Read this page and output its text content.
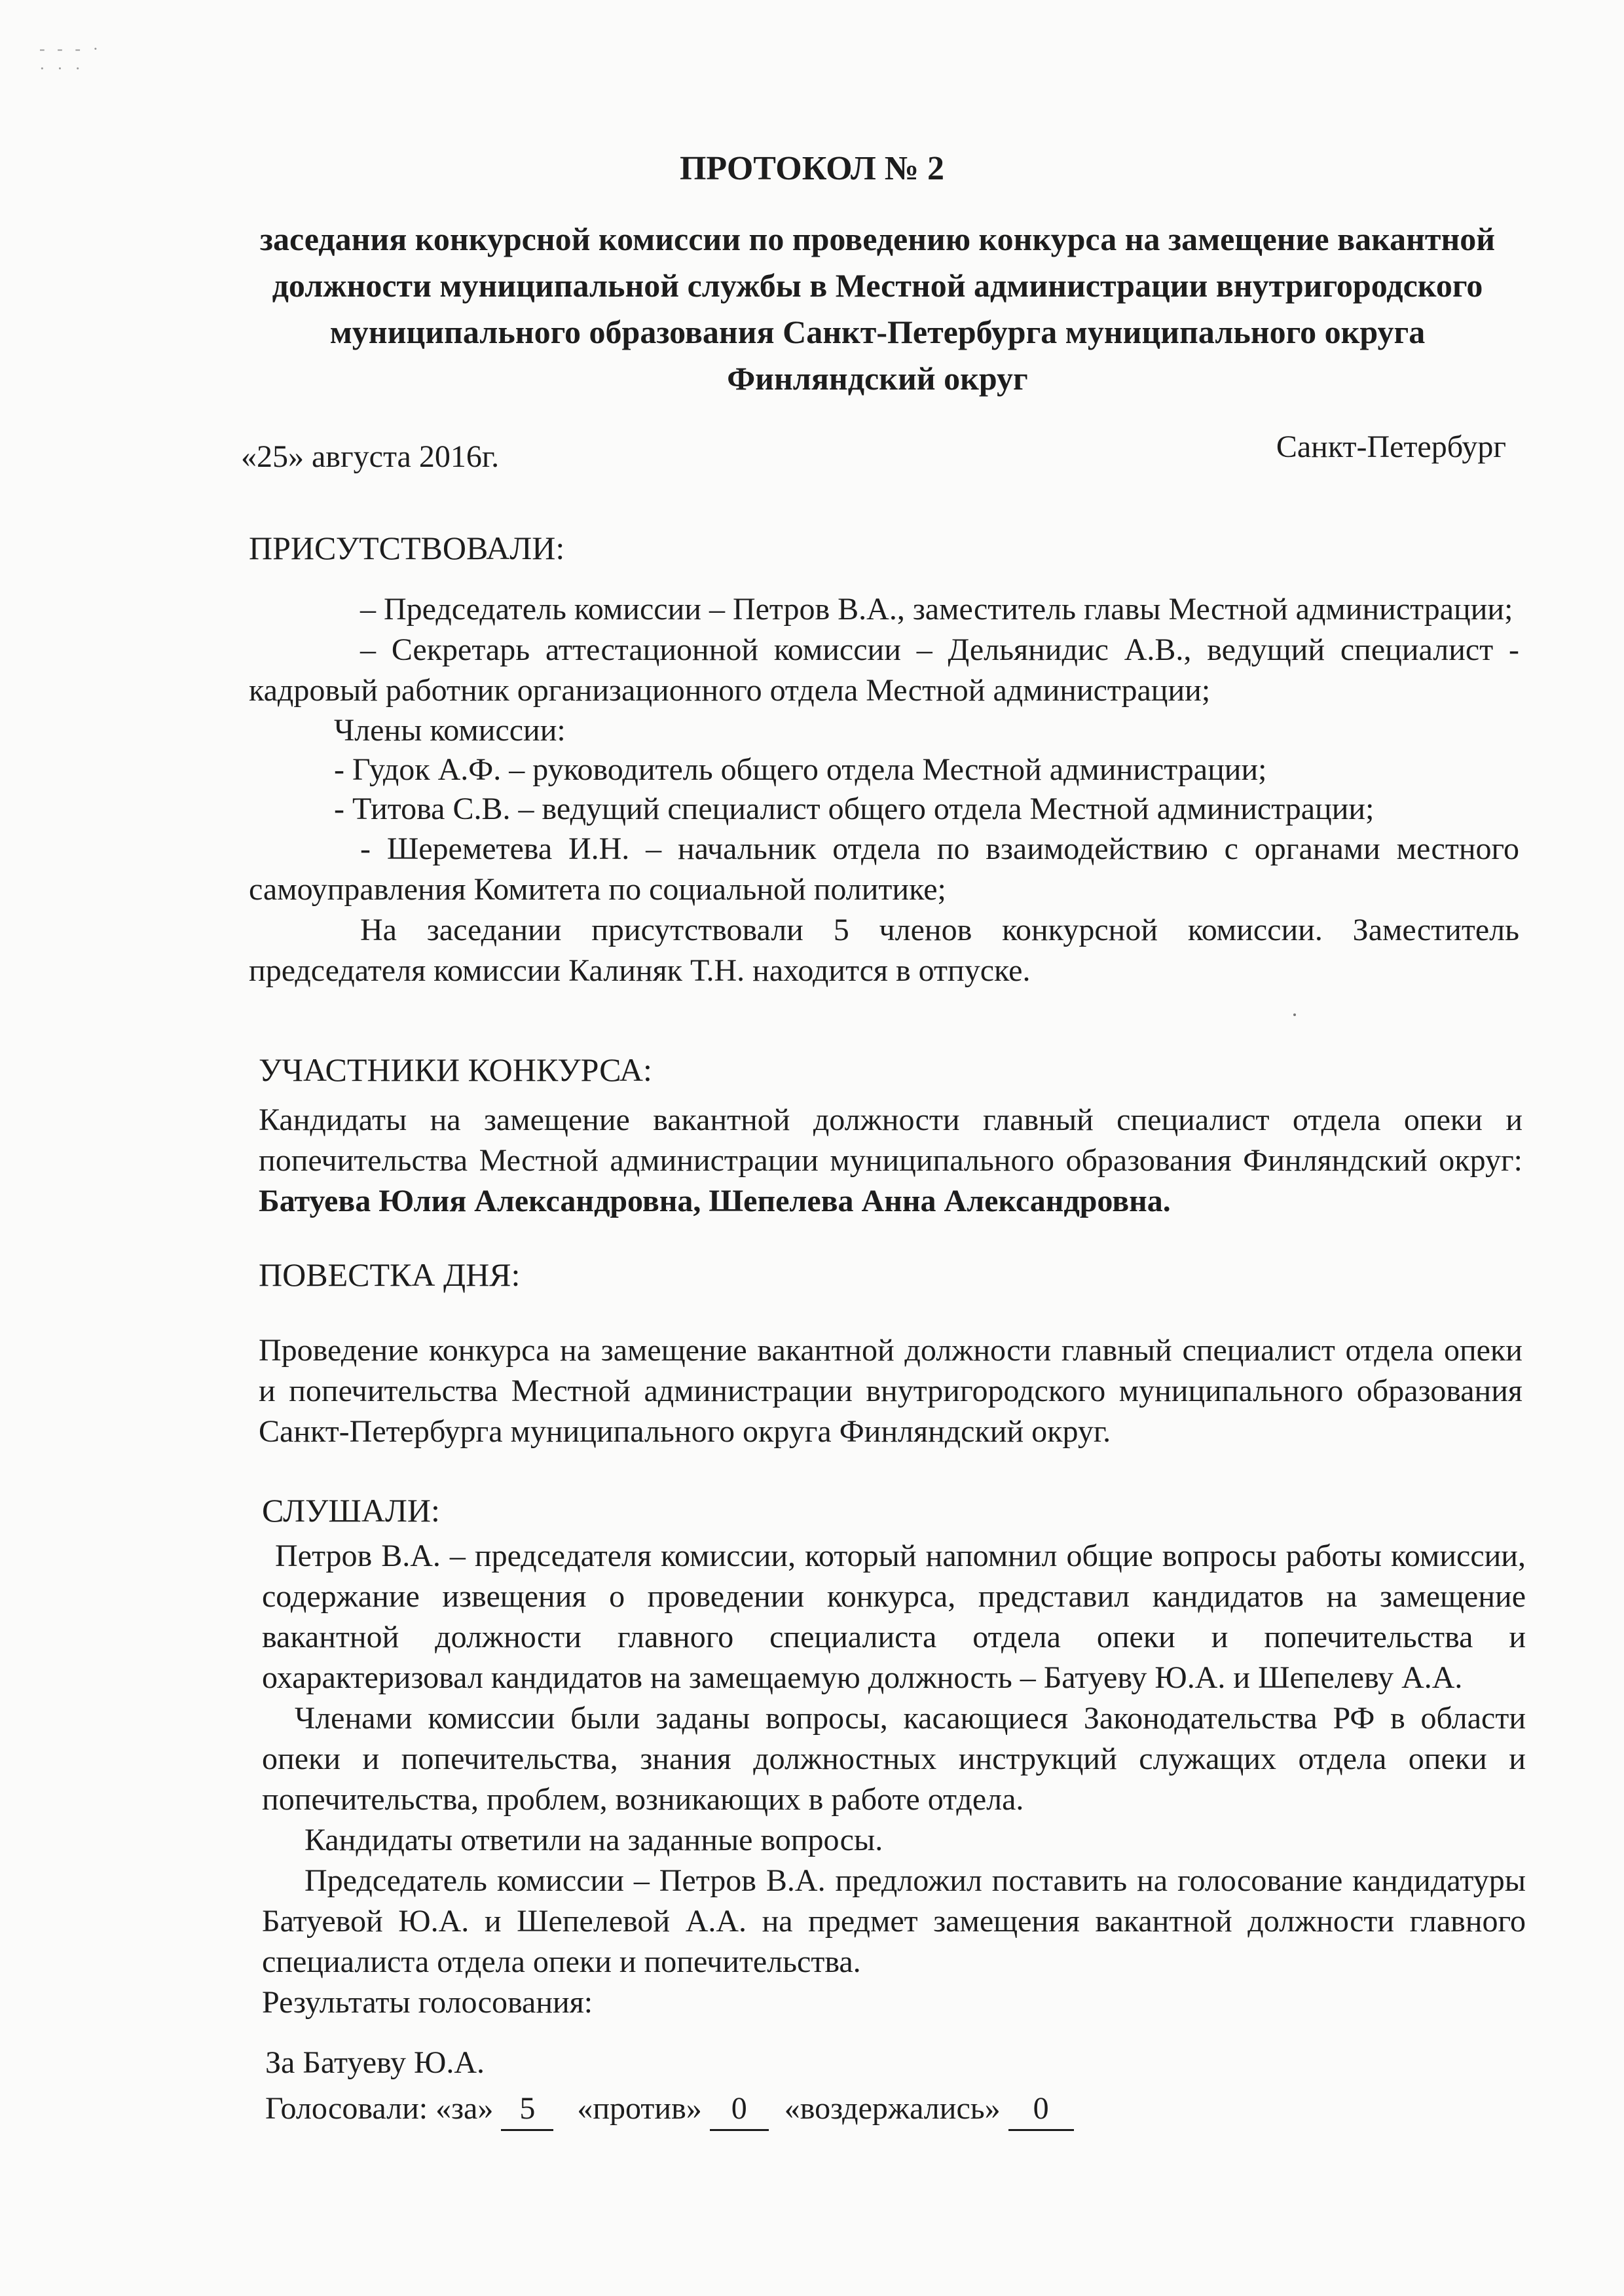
- - - ·
· · ·
ПРОТОКОЛ № 2
заседания конкурсной комиссии по проведению конкурса на замещение вакантной
должности муниципальной службы в Местной администрации внутригородского
муниципального образования Санкт-Петербурга муниципального округа
Финляндский округ
«25» августа 2016г.	Санкт-Петербург
ПРИСУТСТВОВАЛИ:
– Председатель комиссии – Петров В.А., заместитель главы Местной администрации;
– Секретарь аттестационной комиссии – Дельянидис А.В., ведущий специалист - кадровый работник организационного отдела Местной администрации;
Члены комиссии:
- Гудок А.Ф. – руководитель общего отдела Местной администрации;
- Титова С.В. – ведущий специалист общего отдела Местной администрации;
- Шереметева И.Н. – начальник отдела по взаимодействию с органами местного самоуправления Комитета по социальной политике;
На заседании присутствовали 5 членов конкурсной комиссии. Заместитель председателя комиссии Калиняк Т.Н. находится в отпуске.
УЧАСТНИКИ КОНКУРСА:
Кандидаты на замещение вакантной должности главный специалист отдела опеки и попечительства Местной администрации муниципального образования Финляндский округ: Батуева Юлия Александровна, Шепелева Анна Александровна.
ПОВЕСТКА ДНЯ:
Проведение конкурса на замещение вакантной должности главный специалист отдела опеки и попечительства Местной администрации внутригородского муниципального образования Санкт-Петербурга муниципального округа Финляндский округ.
СЛУШАЛИ:
Петров В.А. – председателя комиссии, который напомнил общие вопросы работы комиссии, содержание извещения о проведении конкурса, представил кандидатов на замещение вакантной должности главного специалиста отдела опеки и попечительства и охарактеризовал кандидатов на замещаемую должность – Батуеву Ю.А. и Шепелеву А.А.
Членами комиссии были заданы вопросы, касающиеся Законодательства РФ в области опеки и попечительства, знания должностных инструкций служащих отдела опеки и попечительства, проблем, возникающих в работе отдела.
Кандидаты ответили на заданные вопросы.
Председатель комиссии – Петров В.А. предложил поставить на голосование кандидатуры Батуевой Ю.А. и Шепелевой А.А. на предмет замещения вакантной должности главного специалиста отдела опеки и попечительства.
Результаты голосования:
За Батуеву Ю.А.
Голосовали: «за» 5 «против» 0 «воздержались» 0
